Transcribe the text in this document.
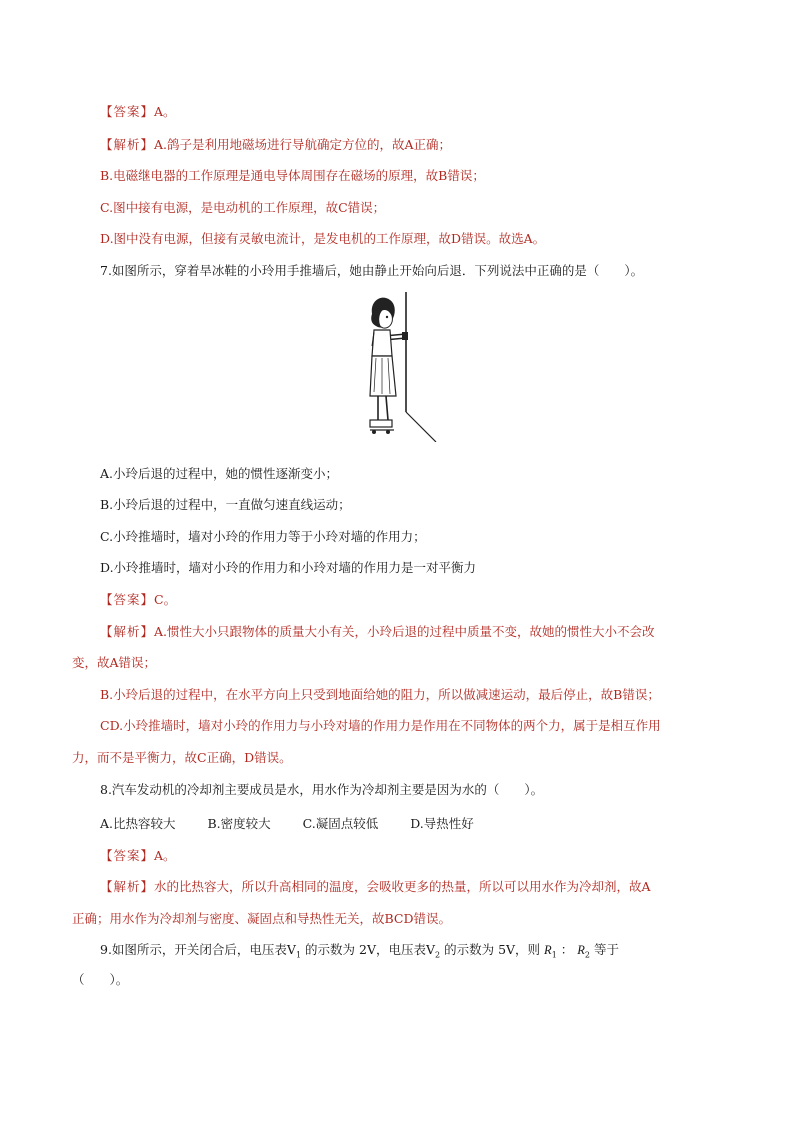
【答案】A。
【解析】A.鸽子是利用地磁场进行导航确定方位的，故A正确；
B.电磁继电器的工作原理是通电导体周围存在磁场的原理，故B错误；
C.图中接有电源，是电动机的工作原理，故C错误；
D.图中没有电源，但接有灵敏电流计，是发电机的工作原理，故D错误。故选A。
7.如图所示，穿着旱冰鞋的小玲用手推墙后，她由静止开始向后退．下列说法中正确的是（　　）。
A.小玲后退的过程中，她的惯性逐渐变小；
B.小玲后退的过程中，一直做匀速直线运动；
C.小玲推墙时，墙对小玲的作用力等于小玲对墙的作用力；
D.小玲推墙时，墙对小玲的作用力和小玲对墙的作用力是一对平衡力
【答案】C。
【解析】A.惯性大小只跟物体的质量大小有关，小玲后退的过程中质量不变，故她的惯性大小不会改
变，故A错误；
B.小玲后退的过程中，在水平方向上只受到地面给她的阻力，所以做减速运动，最后停止，故B错误；
CD.小玲推墙时，墙对小玲的作用力与小玲对墙的作用力是作用在不同物体的两个力，属于是相互作用
力，而不是平衡力，故C正确，D错误。
8.汽车发动机的冷却剂主要成员是水，用水作为冷却剂主要是因为水的（　　）。
A.比热容较大	B.密度较大	C.凝固点较低	D.导热性好
【答案】A。
【解析】水的比热容大，所以升高相同的温度，会吸收更多的热量，所以可以用水作为冷却剂，故A
正确；用水作为冷却剂与密度、凝固点和导热性无关，故BCD错误。
9.如图所示，开关闭合后，电压表$V_1$ 的示数为 2V，电压表$V_2$ 的示数为 5V，则 $R_1$ ： $R_2$ 等于
（　　）。
